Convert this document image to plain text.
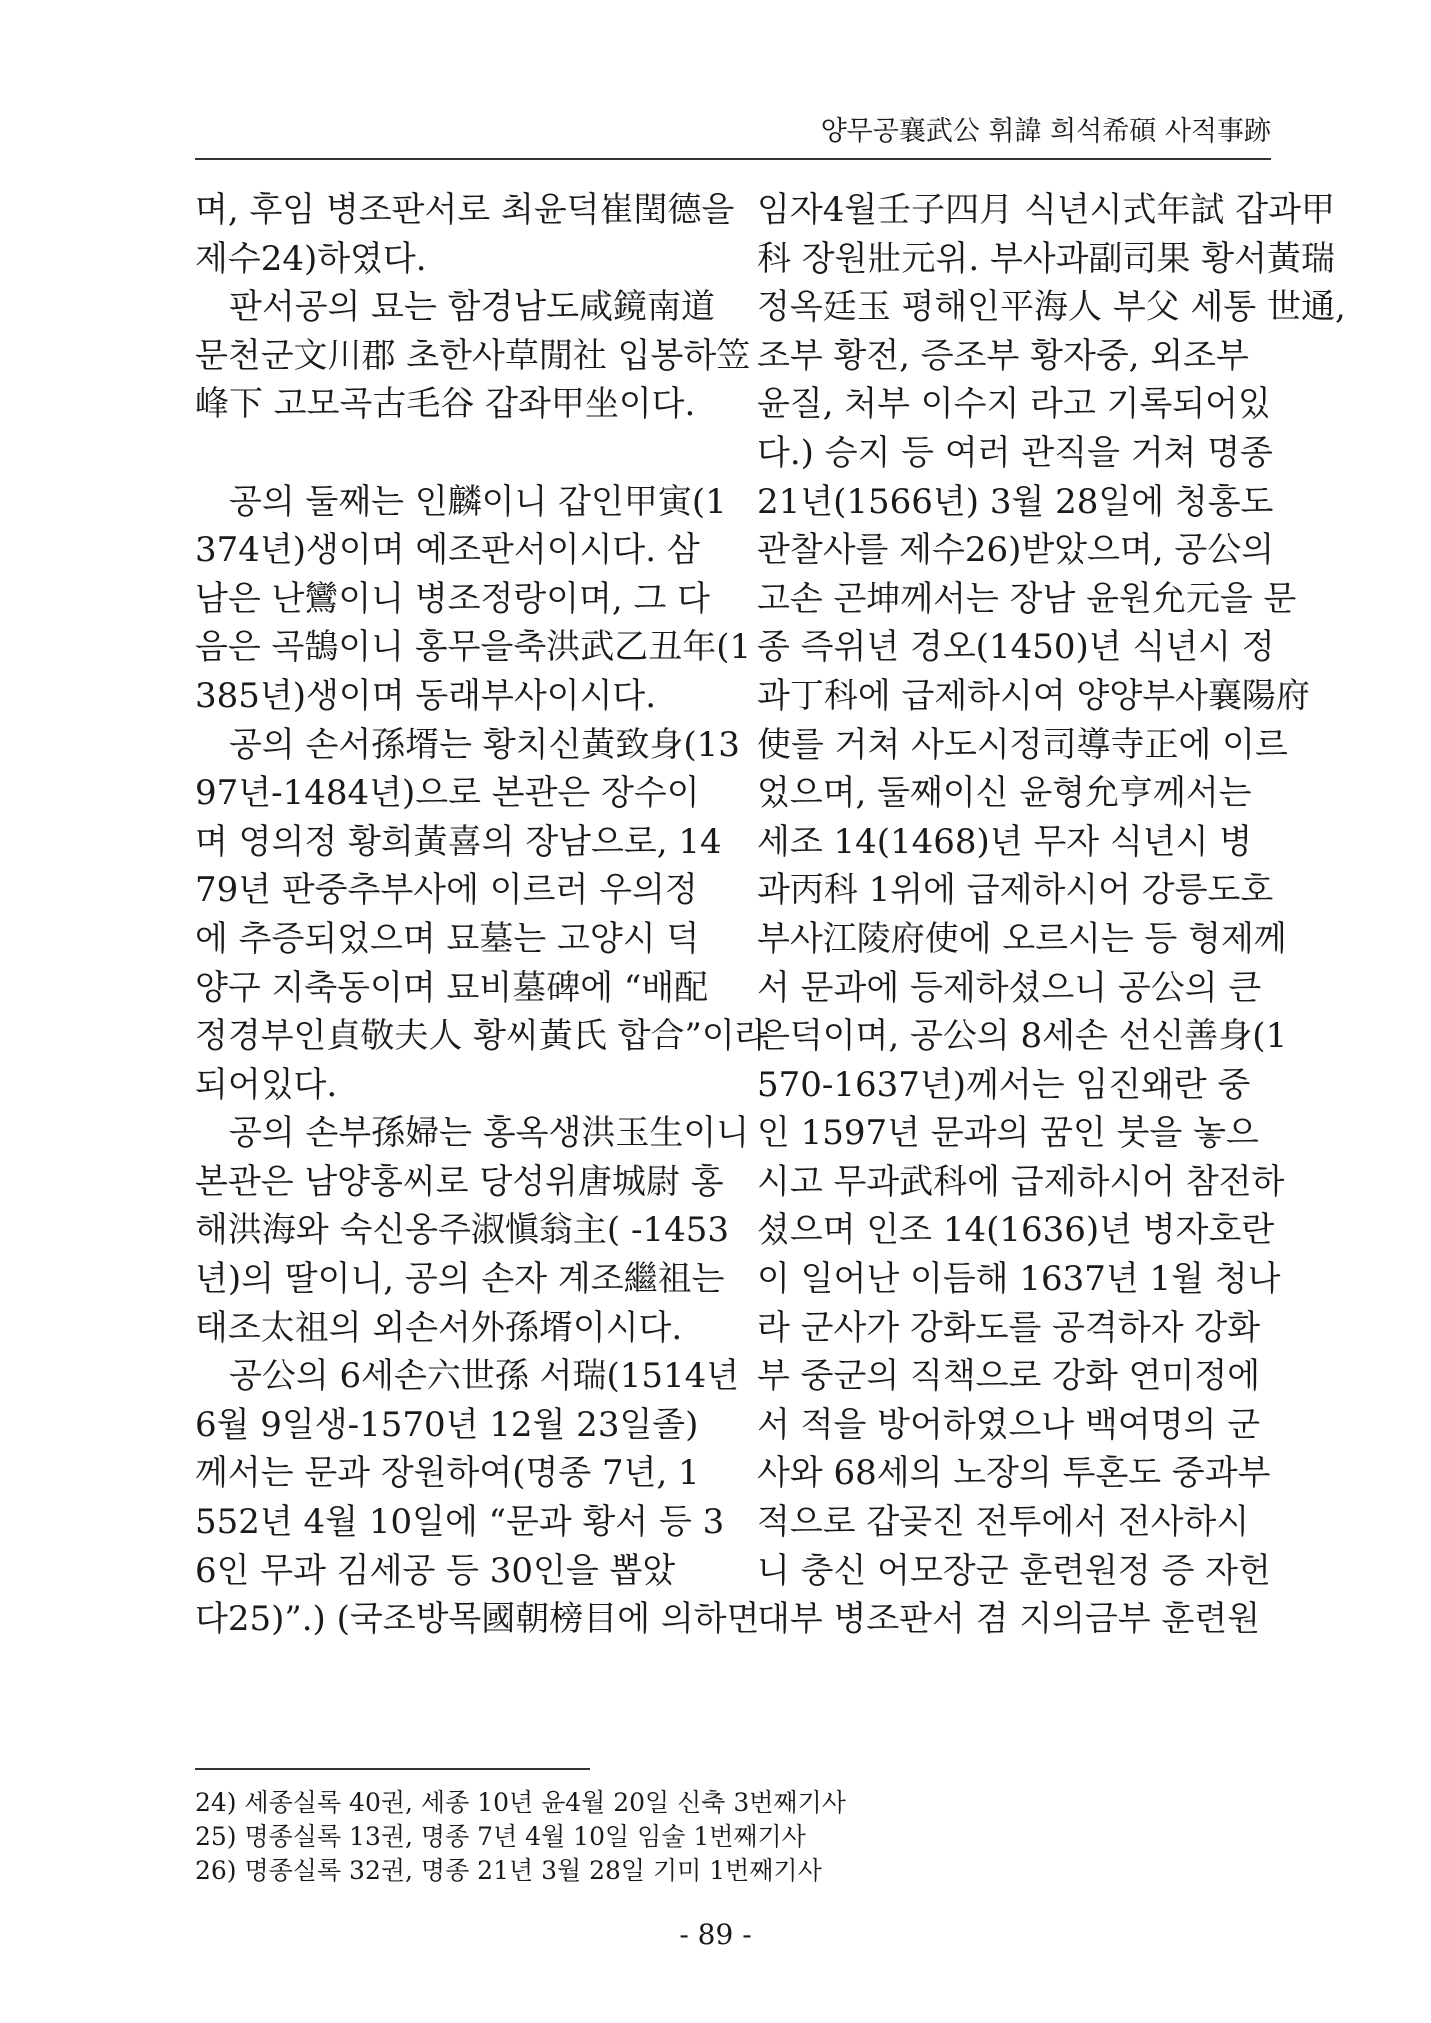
양무공襄武公 휘諱 희석希碩 사적事跡
며, 후임 병조판서로 최윤덕崔閏德을
제수24)하였다.
　판서공의 묘는 함경남도咸鏡南道
문천군文川郡 초한사草閒社 입봉하笠
峰下 고모곡古毛谷 갑좌甲坐이다.
　공의 둘째는 인麟이니 갑인甲寅(1
374년)생이며 예조판서이시다. 삼
남은 난鸞이니 병조정랑이며, 그 다
음은 곡鵠이니 홍무을축洪武乙丑年(1
385년)생이며 동래부사이시다.
　공의 손서孫壻는 황치신黃致身(13
97년-1484년)으로 본관은 장수이
며 영의정 황희黃喜의 장남으로, 14
79년 판중추부사에 이르러 우의정
에 추증되었으며 묘墓는 고양시 덕
양구 지축동이며 묘비墓碑에 “배配
정경부인貞敬夫人 황씨黃氏 합合”이라
되어있다.
　공의 손부孫婦는 홍옥생洪玉生이니
본관은 남양홍씨로 당성위唐城尉 홍
해洪海와 숙신옹주淑愼翁主( -1453
년)의 딸이니, 공의 손자 계조繼祖는
태조太祖의 외손서外孫壻이시다.
　공公의 6세손六世孫 서瑞(1514년
6월 9일생-1570년 12월 23일졸)
께서는 문과 장원하여(명종 7년, 1
552년 4월 10일에 “문과 황서 등 3
6인 무과 김세공 등 30인을 뽑았
다25)”.) (국조방목國朝榜目에 의하면
임자4월壬子四月 식년시式年試 갑과甲
科 장원壯元위. 부사과副司果 황서黃瑞
정옥廷玉 평해인平海人 부父 세통 世通,
조부 황전, 증조부 황자중, 외조부
윤질, 처부 이수지 라고 기록되어있
다.) 승지 등 여러 관직을 거쳐 명종
21년(1566년) 3월 28일에 청홍도
관찰사를 제수26)받았으며, 공公의
고손 곤坤께서는 장남 윤원允元을 문
종 즉위년 경오(1450)년 식년시 정
과丁科에 급제하시여 양양부사襄陽府
使를 거쳐 사도시정司導寺正에 이르
었으며, 둘째이신 윤형允亨께서는
세조 14(1468)년 무자 식년시 병
과丙科 1위에 급제하시어 강릉도호
부사江陵府使에 오르시는 등 형제께
서 문과에 등제하셨으니 공公의 큰
은덕이며, 공公의 8세손 선신善身(1
570-1637년)께서는 임진왜란 중
인 1597년 문과의 꿈인 붓을 놓으
시고 무과武科에 급제하시어 참전하
셨으며 인조 14(1636)년 병자호란
이 일어난 이듬해 1637년 1월 청나
라 군사가 강화도를 공격하자 강화
부 중군의 직책으로 강화 연미정에
서 적을 방어하였으나 백여명의 군
사와 68세의 노장의 투혼도 중과부
적으로 갑곶진 전투에서 전사하시
니 충신 어모장군 훈련원정 증 자헌
대부 병조판서 겸 지의금부 훈련원
24) 세종실록 40권, 세종 10년 윤4월 20일 신축 3번째기사
25) 명종실록 13권, 명종 7년 4월 10일 임술 1번째기사
26) 명종실록 32권, 명종 21년 3월 28일 기미 1번째기사
- 89 -
